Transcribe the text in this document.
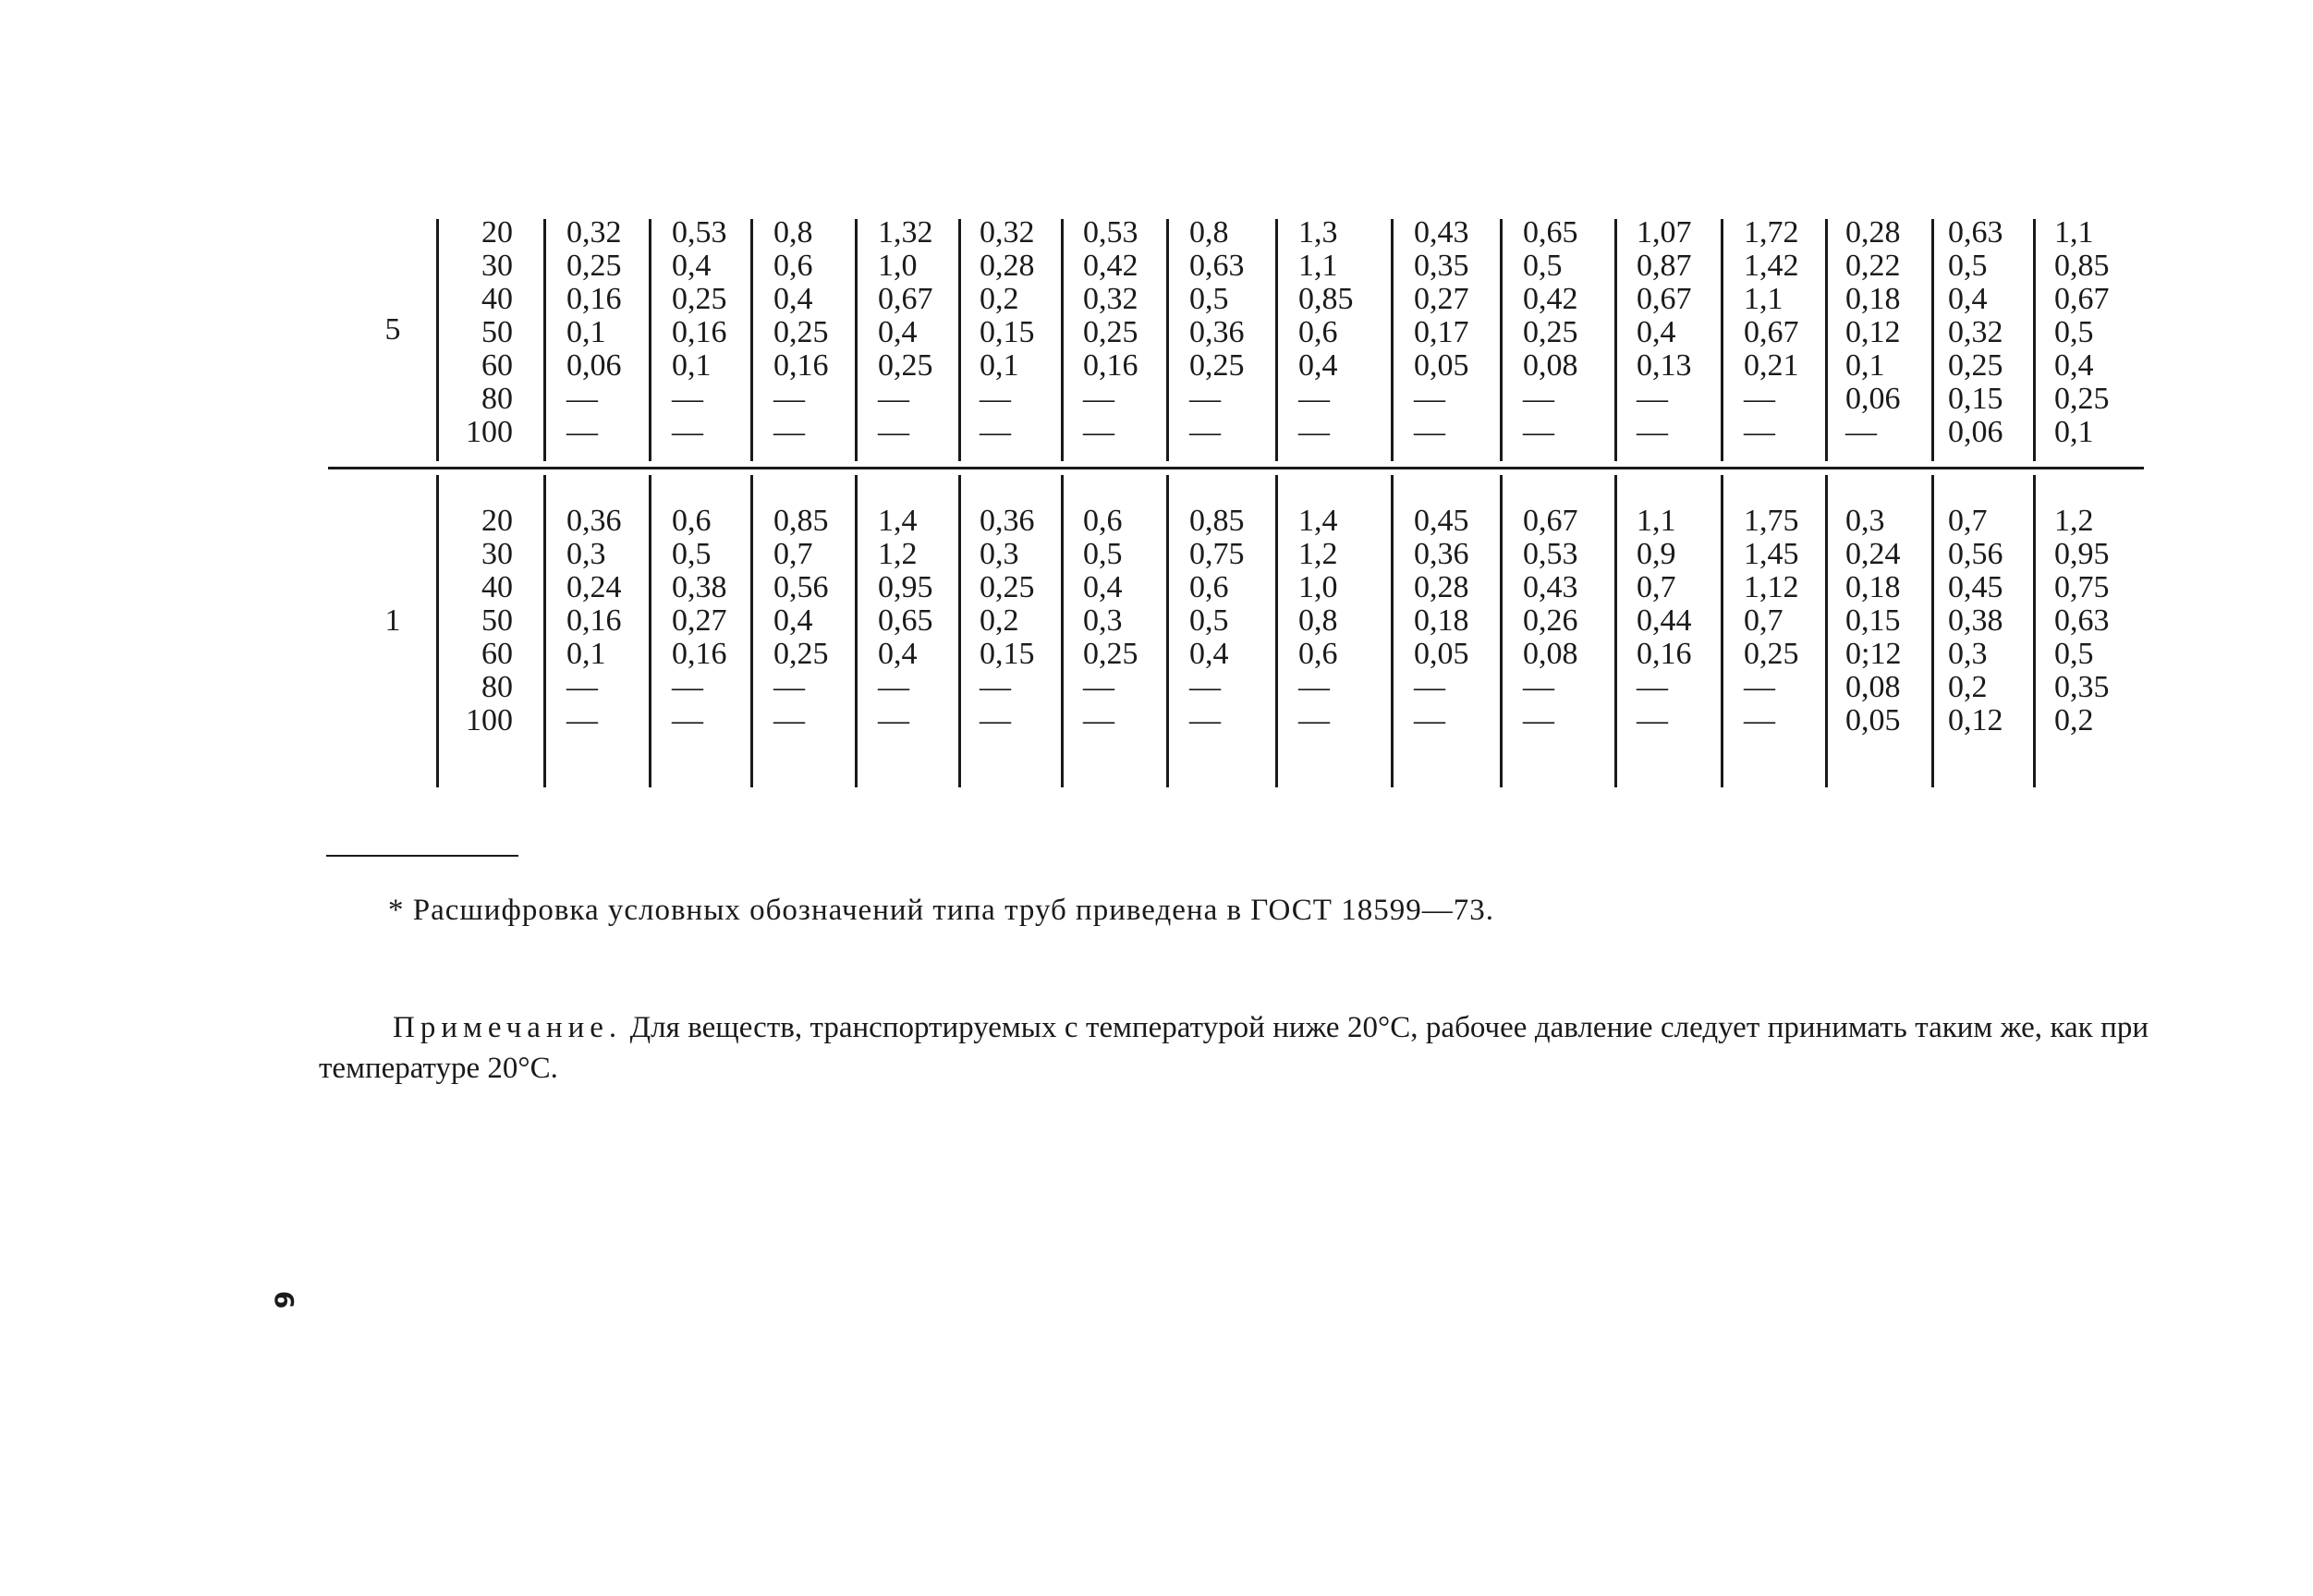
5
20
30
40
50
60
80
100
0,32
0,25
0,16
0,1
0,06
—
—
0,53
0,4
0,25
0,16
0,1
—
—
0,8
0,6
0,4
0,25
0,16
—
—
1,32
1,0
0,67
0,4
0,25
—
—
0,32
0,28
0,2
0,15
0,1
—
—
0,53
0,42
0,32
0,25
0,16
—
—
0,8
0,63
0,5
0,36
0,25
—
—
1,3
1,1
0,85
0,6
0,4
—
—
0,43
0,35
0,27
0,17
0,05
—
—
0,65
0,5
0,42
0,25
0,08
—
—
1,07
0,87
0,67
0,4
0,13
—
—
1,72
1,42
1,1
0,67
0,21
—
—
0,28
0,22
0,18
0,12
0,1
0,06
—
0,63
0,5
0,4
0,32
0,25
0,15
0,06
1,1
0,85
0,67
0,5
0,4
0,25
0,1
1
20
30
40
50
60
80
100
0,36
0,3
0,24
0,16
0,1
—
—
0,6
0,5
0,38
0,27
0,16
—
—
0,85
0,7
0,56
0,4
0,25
—
—
1,4
1,2
0,95
0,65
0,4
—
—
0,36
0,3
0,25
0,2
0,15
—
—
0,6
0,5
0,4
0,3
0,25
—
—
0,85
0,75
0,6
0,5
0,4
—
—
1,4
1,2
1,0
0,8
0,6
—
—
0,45
0,36
0,28
0,18
0,05
—
—
0,67
0,53
0,43
0,26
0,08
—
—
1,1
0,9
0,7
0,44
0,16
—
—
1,75
1,45
1,12
0,7
0,25
—
—
0,3
0,24
0,18
0,15
0;12
0,08
0,05
0,7
0,56
0,45
0,38
0,3
0,2
0,12
1,2
0,95
0,75
0,63
0,5
0,35
0,2
* Расшифровка условных обозначений типа труб приведена в ГОСТ 18599—73.
Примечание. Для веществ, транспортируемых с температурой ниже 20°С, рабочее давление следует принимать таким же, как при температуре 20°С.
6
